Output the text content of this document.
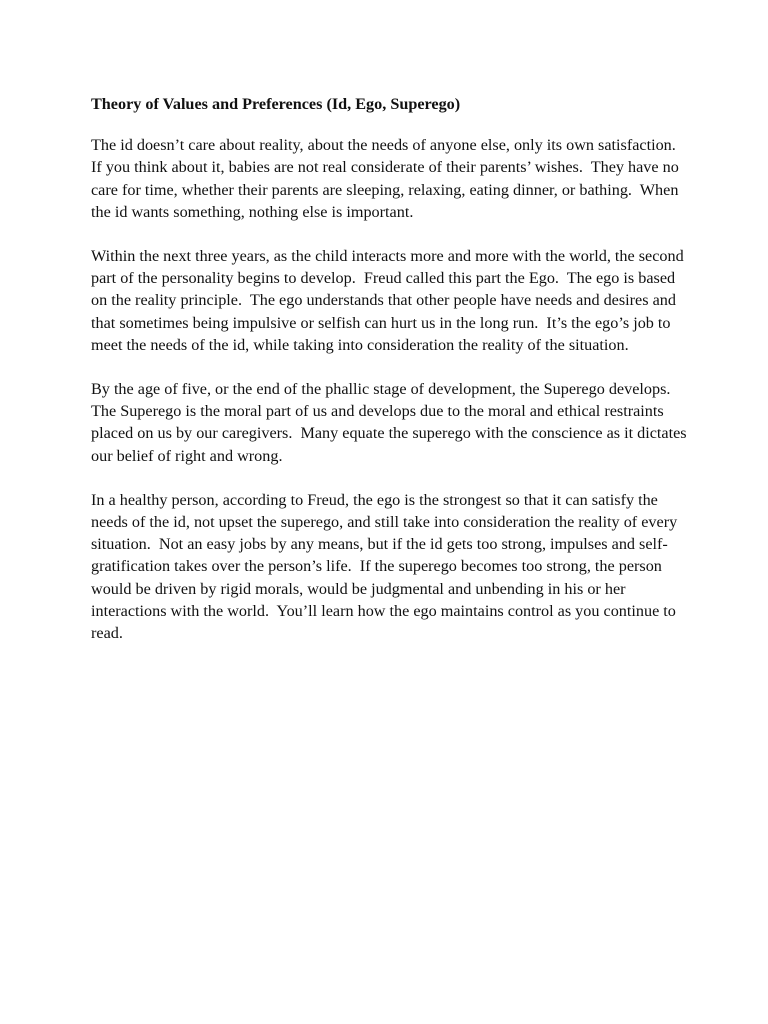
Theory of Values and Preferences (Id, Ego, Superego)

The id doesn’t care about reality, about the needs of anyone else, only its own satisfaction.  If you think about it, babies are not real considerate of their parents’ wishes.  They have no care for time, whether their parents are sleeping, relaxing, eating dinner, or bathing.  When the id wants something, nothing else is important.

Within the next three years, as the child interacts more and more with the world, the second part of the personality begins to develop.  Freud called this part the Ego.  The ego is based on the reality principle.  The ego understands that other people have needs and desires and that sometimes being impulsive or selfish can hurt us in the long run.  It’s the ego’s job to meet the needs of the id, while taking into consideration the reality of the situation.

By the age of five, or the end of the phallic stage of development, the Superego develops.  The Superego is the moral part of us and develops due to the moral and ethical restraints placed on us by our caregivers.  Many equate the superego with the conscience as it dictates our belief of right and wrong.

In a healthy person, according to Freud, the ego is the strongest so that it can satisfy the needs of the id, not upset the superego, and still take into consideration the reality of every situation.  Not an easy jobs by any means, but if the id gets too strong, impulses and self-gratification takes over the person’s life.  If the superego becomes too strong, the person would be driven by rigid morals, would be judgmental and unbending in his or her interactions with the world.  You’ll learn how the ego maintains control as you continue to read.
